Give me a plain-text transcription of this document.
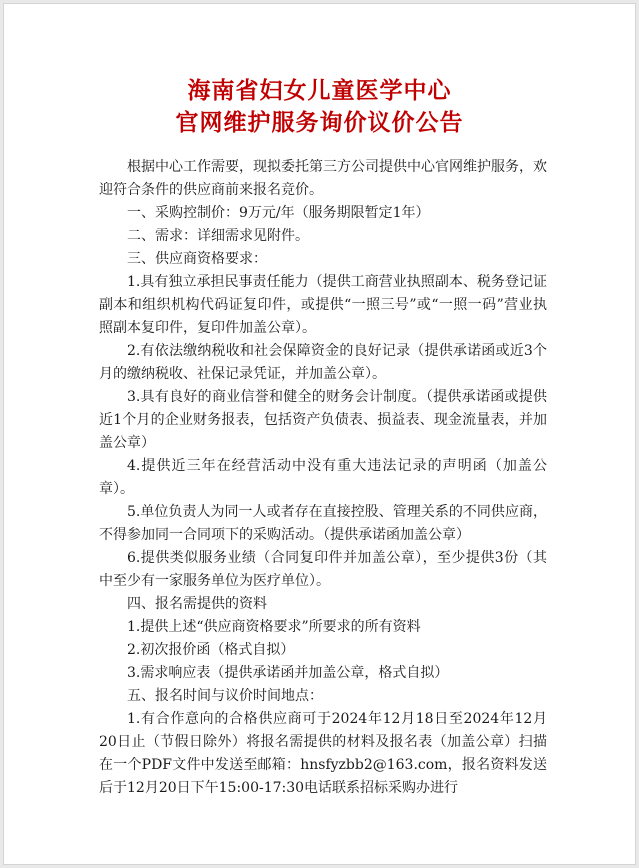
海南省妇女儿童医学中心
官网维护服务询价议价公告

根据中心工作需要，现拟委托第三方公司提供中心官网维护服务，欢迎符合条件的供应商前来报名竞价。

一、采购控制价：9万元/年（服务期限暂定1年）

二、需求：详细需求见附件。

三、供应商资格要求：

1.具有独立承担民事责任能力（提供工商营业执照副本、税务登记证副本和组织机构代码证复印件，或提供“一照三号”或“一照一码”营业执照副本复印件，复印件加盖公章）。

2.有依法缴纳税收和社会保障资金的良好记录（提供承诺函或近3个月的缴纳税收、社保记录凭证，并加盖公章）。

3.具有良好的商业信誉和健全的财务会计制度。（提供承诺函或提供近1个月的企业财务报表，包括资产负债表、损益表、现金流量表，并加盖公章）

4.提供近三年在经营活动中没有重大违法记录的声明函（加盖公章）。

5.单位负责人为同一人或者存在直接控股、管理关系的不同供应商，不得参加同一合同项下的采购活动。（提供承诺函加盖公章）

6.提供类似服务业绩（合同复印件并加盖公章），至少提供3份（其中至少有一家服务单位为医疗单位）。

四、报名需提供的资料

1.提供上述“供应商资格要求”所要求的所有资料

2.初次报价函（格式自拟）

3.需求响应表（提供承诺函并加盖公章，格式自拟）

五、报名时间与议价时间地点：

1.有合作意向的合格供应商可于2024年12月18日至2024年12月20日止（节假日除外）将报名需提供的材料及报名表（加盖公章）扫描在一个PDF文件中发送至邮箱：hnsfyzbb2@163.com，报名资料发送后于12月20日下午15:00-17:30电话联系招标采购办进行
